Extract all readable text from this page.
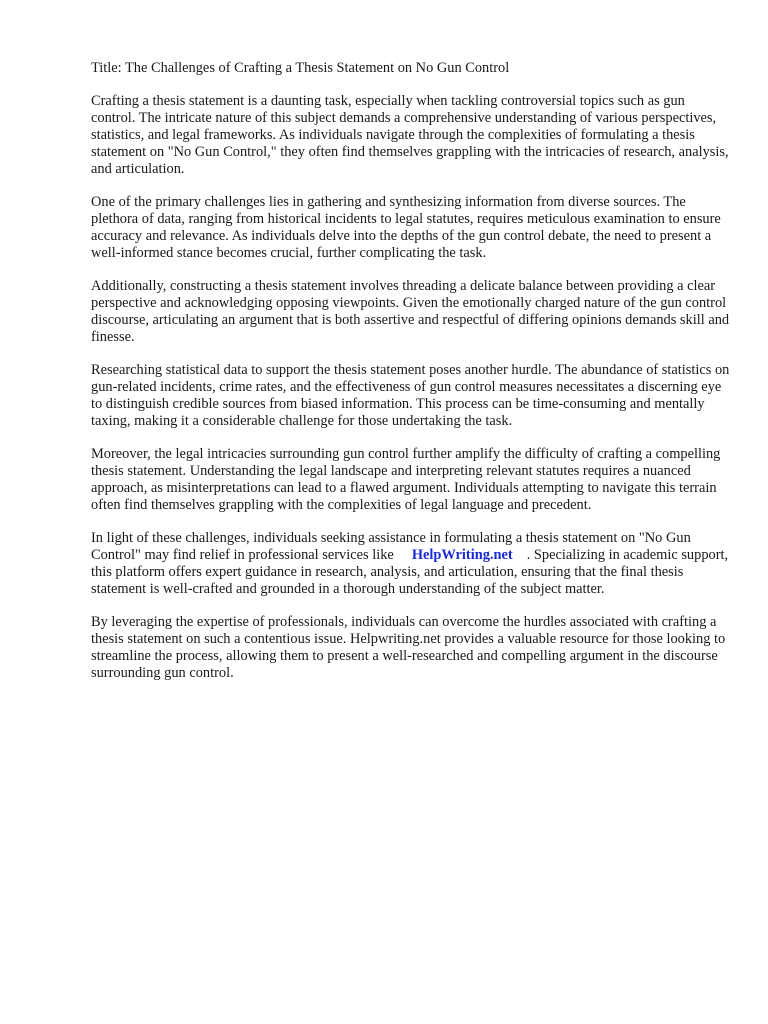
Title: The Challenges of Crafting a Thesis Statement on No Gun Control

Crafting a thesis statement is a daunting task, especially when tackling controversial topics such as gun control. The intricate nature of this subject demands a comprehensive understanding of various perspectives, statistics, and legal frameworks. As individuals navigate through the complexities of formulating a thesis statement on "No Gun Control," they often find themselves grappling with the intricacies of research, analysis, and articulation.

One of the primary challenges lies in gathering and synthesizing information from diverse sources. The plethora of data, ranging from historical incidents to legal statutes, requires meticulous examination to ensure accuracy and relevance. As individuals delve into the depths of the gun control debate, the need to present a well-informed stance becomes crucial, further complicating the task.

Additionally, constructing a thesis statement involves threading a delicate balance between providing a clear perspective and acknowledging opposing viewpoints. Given the emotionally charged nature of the gun control discourse, articulating an argument that is both assertive and respectful of differing opinions demands skill and finesse.

Researching statistical data to support the thesis statement poses another hurdle. The abundance of statistics on gun-related incidents, crime rates, and the effectiveness of gun control measures necessitates a discerning eye to distinguish credible sources from biased information. This process can be time-consuming and mentally taxing, making it a considerable challenge for those undertaking the task.

Moreover, the legal intricacies surrounding gun control further amplify the difficulty of crafting a compelling thesis statement. Understanding the legal landscape and interpreting relevant statutes requires a nuanced approach, as misinterpretations can lead to a flawed argument. Individuals attempting to navigate this terrain often find themselves grappling with the complexities of legal language and precedent.

In light of these challenges, individuals seeking assistance in formulating a thesis statement on "No Gun Control" may find relief in professional services like HelpWriting.net . Specializing in academic support, this platform offers expert guidance in research, analysis, and articulation, ensuring that the final thesis statement is well-crafted and grounded in a thorough understanding of the subject matter.

By leveraging the expertise of professionals, individuals can overcome the hurdles associated with crafting a thesis statement on such a contentious issue. Helpwriting.net provides a valuable resource for those looking to streamline the process, allowing them to present a well-researched and compelling argument in the discourse surrounding gun control.
